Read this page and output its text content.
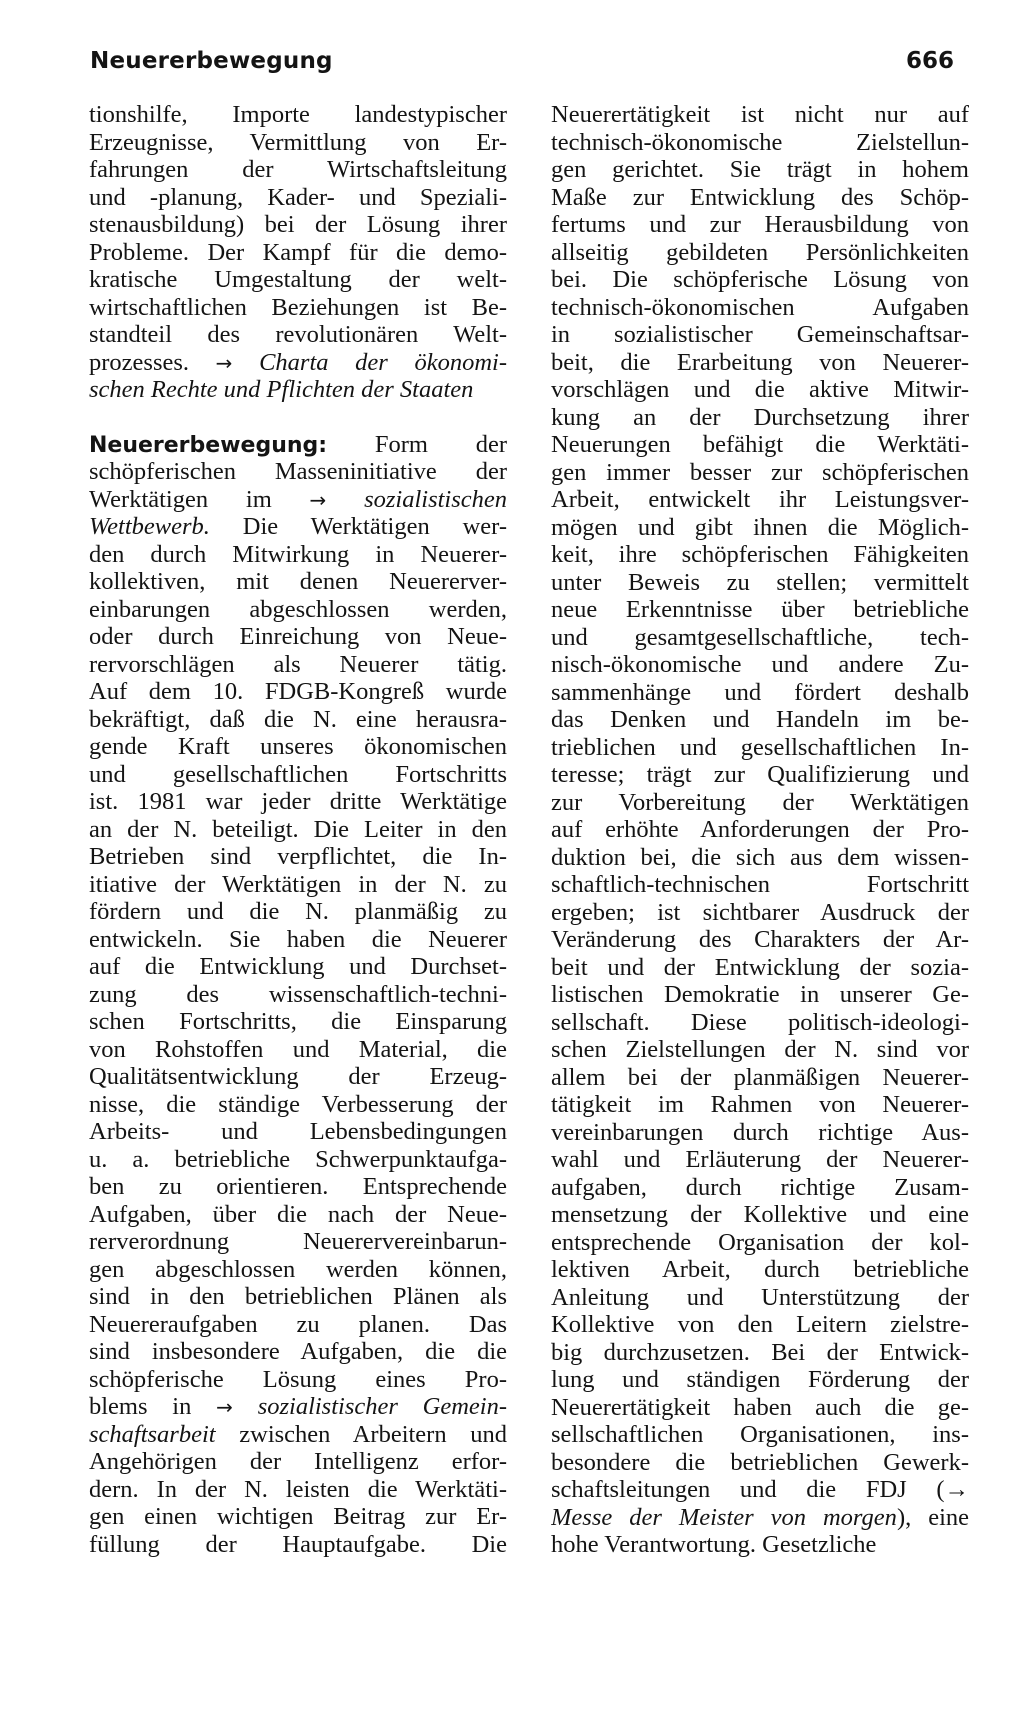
Neuererbewegung	666
tionshilfe, Importe landestypischer
Erzeugnisse, Vermittlung von Er-
fahrungen der Wirtschaftsleitung
und -planung, Kader- und Speziali-
stenausbildung) bei der Lösung ihrer
Probleme. Der Kampf für die demo-
kratische Umgestaltung der welt-
wirtschaftlichen Beziehungen ist Be-
standteil des revolutionären Welt-
prozesses. → Charta der ökonomi-
schen Rechte und Pflichten der Staaten
Neuererbewegung: Form der
schöpferischen Masseninitiative der
Werktätigen im → sozialistischen
Wettbewerb. Die Werktätigen wer-
den durch Mitwirkung in Neuerer-
kollektiven, mit denen Neuererver-
einbarungen abgeschlossen werden,
oder durch Einreichung von Neue-
rervorschlägen als Neuerer tätig.
Auf dem 10. FDGB-Kongreß wurde
bekräftigt, daß die N. eine herausra-
gende Kraft unseres ökonomischen
und gesellschaftlichen Fortschritts
ist. 1981 war jeder dritte Werktätige
an der N. beteiligt. Die Leiter in den
Betrieben sind verpflichtet, die In-
itiative der Werktätigen in der N. zu
fördern und die N. planmäßig zu
entwickeln. Sie haben die Neuerer
auf die Entwicklung und Durchset-
zung des wissenschaftlich-techni-
schen Fortschritts, die Einsparung
von Rohstoffen und Material, die
Qualitätsentwicklung der Erzeug-
nisse, die ständige Verbesserung der
Arbeits- und Lebensbedingungen
u. a. betriebliche Schwerpunktaufga-
ben zu orientieren. Entsprechende
Aufgaben, über die nach der Neue-
rerverordnung Neuerervereinbarun-
gen abgeschlossen werden können,
sind in den betrieblichen Plänen als
Neuereraufgaben zu planen. Das
sind insbesondere Aufgaben, die die
schöpferische Lösung eines Pro-
blems in → sozialistischer Gemein-
schaftsarbeit zwischen Arbeitern und
Angehörigen der Intelligenz erfor-
dern. In der N. leisten die Werktäti-
gen einen wichtigen Beitrag zur Er-
füllung der Hauptaufgabe. Die
Neuerertätigkeit ist nicht nur auf
technisch-ökonomische Zielstellun-
gen gerichtet. Sie trägt in hohem
Maße zur Entwicklung des Schöp-
fertums und zur Herausbildung von
allseitig gebildeten Persönlichkeiten
bei. Die schöpferische Lösung von
technisch-ökonomischen Aufgaben
in sozialistischer Gemeinschaftsar-
beit, die Erarbeitung von Neuerer-
vorschlägen und die aktive Mitwir-
kung an der Durchsetzung ihrer
Neuerungen befähigt die Werktäti-
gen immer besser zur schöpferischen
Arbeit, entwickelt ihr Leistungsver-
mögen und gibt ihnen die Möglich-
keit, ihre schöpferischen Fähigkeiten
unter Beweis zu stellen; vermittelt
neue Erkenntnisse über betriebliche
und gesamtgesellschaftliche, tech-
nisch-ökonomische und andere Zu-
sammenhänge und fördert deshalb
das Denken und Handeln im be-
trieblichen und gesellschaftlichen In-
teresse; trägt zur Qualifizierung und
zur Vorbereitung der Werktätigen
auf erhöhte Anforderungen der Pro-
duktion bei, die sich aus dem wissen-
schaftlich-technischen Fortschritt
ergeben; ist sichtbarer Ausdruck der
Veränderung des Charakters der Ar-
beit und der Entwicklung der sozia-
listischen Demokratie in unserer Ge-
sellschaft. Diese politisch-ideologi-
schen Zielstellungen der N. sind vor
allem bei der planmäßigen Neuerer-
tätigkeit im Rahmen von Neuerer-
vereinbarungen durch richtige Aus-
wahl und Erläuterung der Neuerer-
aufgaben, durch richtige Zusam-
mensetzung der Kollektive und eine
entsprechende Organisation der kol-
lektiven Arbeit, durch betriebliche
Anleitung und Unterstützung der
Kollektive von den Leitern zielstre-
big durchzusetzen. Bei der Entwick-
lung und ständigen Förderung der
Neuerertätigkeit haben auch die ge-
sellschaftlichen Organisationen, ins-
besondere die betrieblichen Gewerk-
schaftsleitungen und die FDJ (→
Messe der Meister von morgen), eine
hohe Verantwortung. Gesetzliche
